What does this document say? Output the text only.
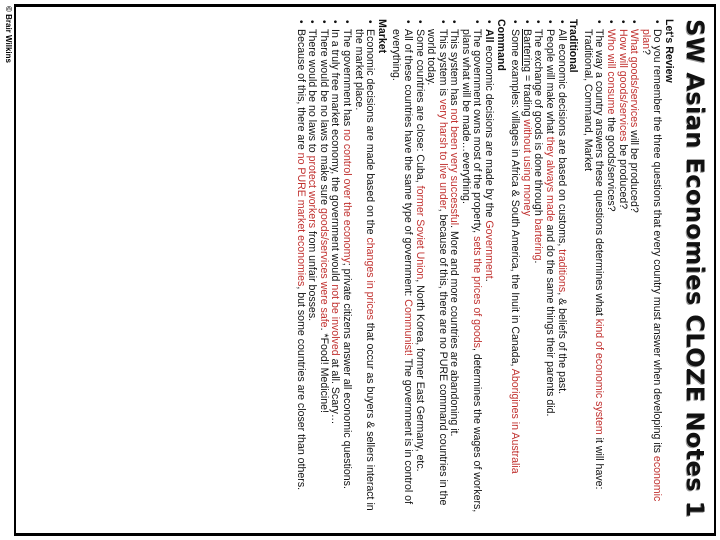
© Brair Wilkins	SW Asian Economies CLOZE Notes 1
Let's Review
• Do you remember the three questions that every country must answer when developing its economic plan?
• What goods/services will be produced?
• How will goods/services be produced?
• Who will consume the goods/services?
• The way a country answers these questions determines what kind of economic system it will have: Traditional, Command, Market
Traditional
• All economic decisions are based on customs, traditions, & beliefs of the past.
• People will make what they always made and do the same things their parents did.
• The exchange of goods is done through bartering.
• Bartering = trading without using money
• Some examples: villages in Africa & South America, the Inuit in Canada, Aborigines in Australia
Command
• All economic decisions are made by the Government.
• The government owns most of the property, sets the prices of goods, determines the wages of workers, plans what will be made…everything.
• This system has not been very successful. More and more countries are abandoning it.
• This system is very harsh to live under, because of this, there are no PURE command countries in the world today.
• Some countries are close: Cuba, former Soviet Union, North Korea, former East Germany, etc.
• All of these countries have the same type of government: Communist! The government is in control of everything.
Market
• Economic decisions are made based on the changes in prices that occur as buyers & sellers interact in the market place.
• The government has no control over the economy; private citizens answer all economic questions.
• In a truly free market economy, the government would not be involved at all. Scary…
• There would be no laws to make sure goods/services were safe. *Food! Medicine!
• There would be no laws to protect workers from unfair bosses.
• Because of this, there are no PURE market economies, but some countries are closer than others.
